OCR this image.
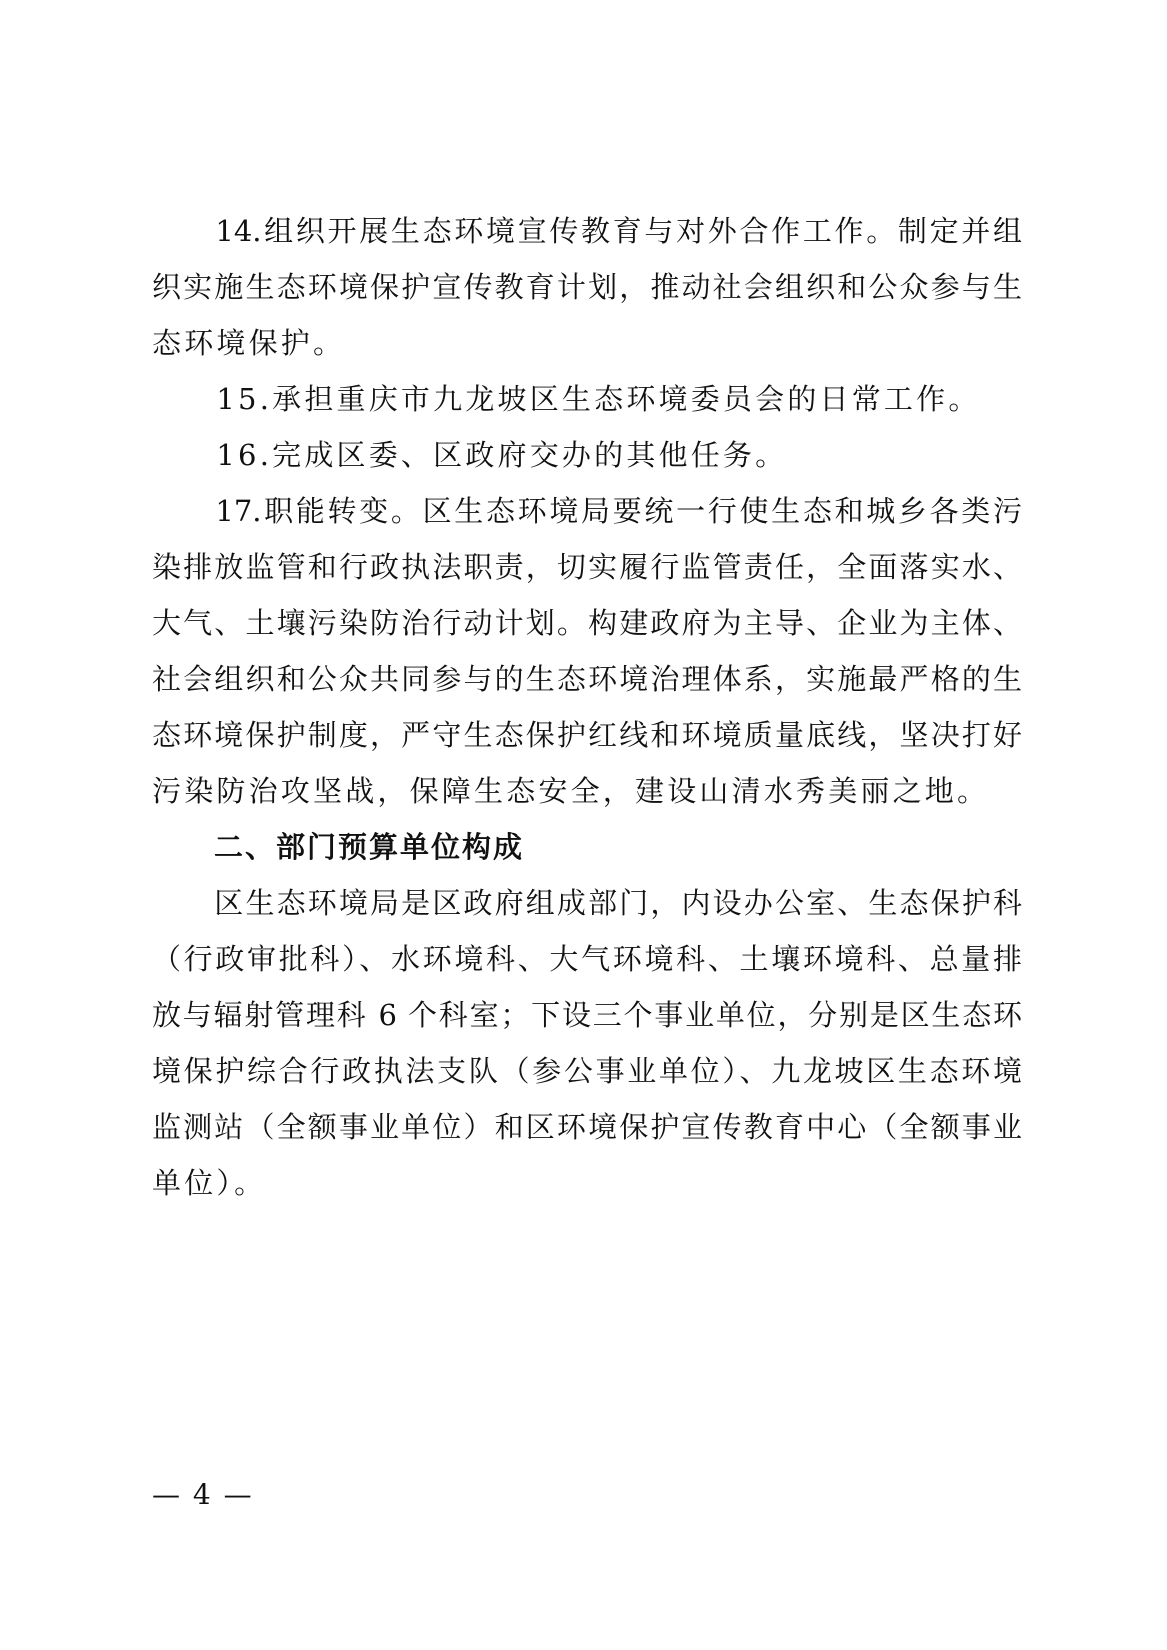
　　14.组织开展生态环境宣传教育与对外合作工作。制定并组
织实施生态环境保护宣传教育计划，推动社会组织和公众参与生
态环境保护。
　　15.承担重庆市九龙坡区生态环境委员会的日常工作。
　　16.完成区委、区政府交办的其他任务。
　　17.职能转变。区生态环境局要统一行使生态和城乡各类污
染排放监管和行政执法职责，切实履行监管责任，全面落实水、
大气、土壤污染防治行动计划。构建政府为主导、企业为主体、
社会组织和公众共同参与的生态环境治理体系，实施最严格的生
态环境保护制度，严守生态保护红线和环境质量底线，坚决打好
污染防治攻坚战，保障生态安全，建设山清水秀美丽之地。
　　二、部门预算单位构成
　　区生态环境局是区政府组成部门，内设办公室、生态保护科
（行政审批科）、水环境科、大气环境科、土壤环境科、总量排
放与辐射管理科 6 个科室；下设三个事业单位，分别是区生态环
境保护综合行政执法支队（参公事业单位）、九龙坡区生态环境
监测站（全额事业单位）和区环境保护宣传教育中心（全额事业
单位）。
— 4 —
